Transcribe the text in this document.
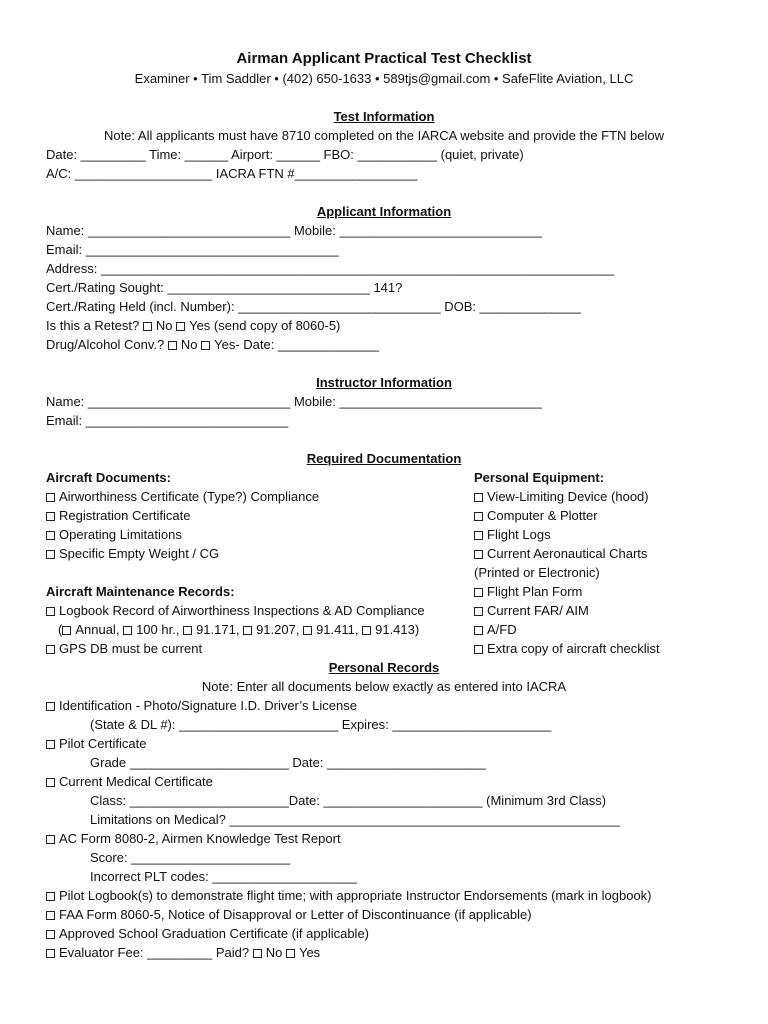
Airman Applicant Practical Test Checklist
Examiner • Tim Saddler • (402) 650-1633 • 589tjs@gmail.com • SafeFlite Aviation, LLC
Test Information
Note: All applicants must have 8710 completed on the IARCA website and provide the FTN below
Date: _________ Time: ______ Airport: ______ FBO: ___________ (quiet, private)
A/C: ___________________ IACRA FTN #_________________
Applicant Information
Name: ____________________________ Mobile: ____________________________
Email: ___________________________________
Address: _______________________________________________________________________
Cert./Rating Sought: ____________________________ 141?
Cert./Rating Held (incl. Number): ____________________________ DOB: ______________
Is this a Retest? No Yes (send copy of 8060-5)
Drug/Alcohol Conv.? No Yes- Date: ______________
Instructor Information
Name: ____________________________ Mobile: ____________________________
Email: ____________________________
Required Documentation
Aircraft Documents:
Airworthiness Certificate (Type?) Compliance
Registration Certificate
Operating Limitations
Specific Empty Weight / CG
Aircraft Maintenance Records:
Logbook Record of Airworthiness Inspections & AD Compliance
( Annual, 100 hr., 91.171, 91.207, 91.411, 91.413)
GPS DB must be current
Personal Equipment:
View-Limiting Device (hood)
Computer & Plotter
Flight Logs
Current Aeronautical Charts
(Printed or Electronic)
Flight Plan Form
Current FAR/ AIM
A/FD
Extra copy of aircraft checklist
Personal Records
Note: Enter all documents below exactly as entered into IACRA
Identification - Photo/Signature I.D. Driver’s License
(State & DL #): ______________________ Expires: ______________________
Pilot Certificate
Grade ______________________ Date: ______________________
Current Medical Certificate
Class: ______________________Date: ______________________ (Minimum 3rd Class)
Limitations on Medical? ______________________________________________________
AC Form 8080-2, Airmen Knowledge Test Report
Score: ______________________
Incorrect PLT codes: ____________________
Pilot Logbook(s) to demonstrate flight time; with appropriate Instructor Endorsements (mark in logbook)
FAA Form 8060-5, Notice of Disapproval or Letter of Discontinuance (if applicable)
Approved School Graduation Certificate (if applicable)
Evaluator Fee: _________ Paid? No Yes
